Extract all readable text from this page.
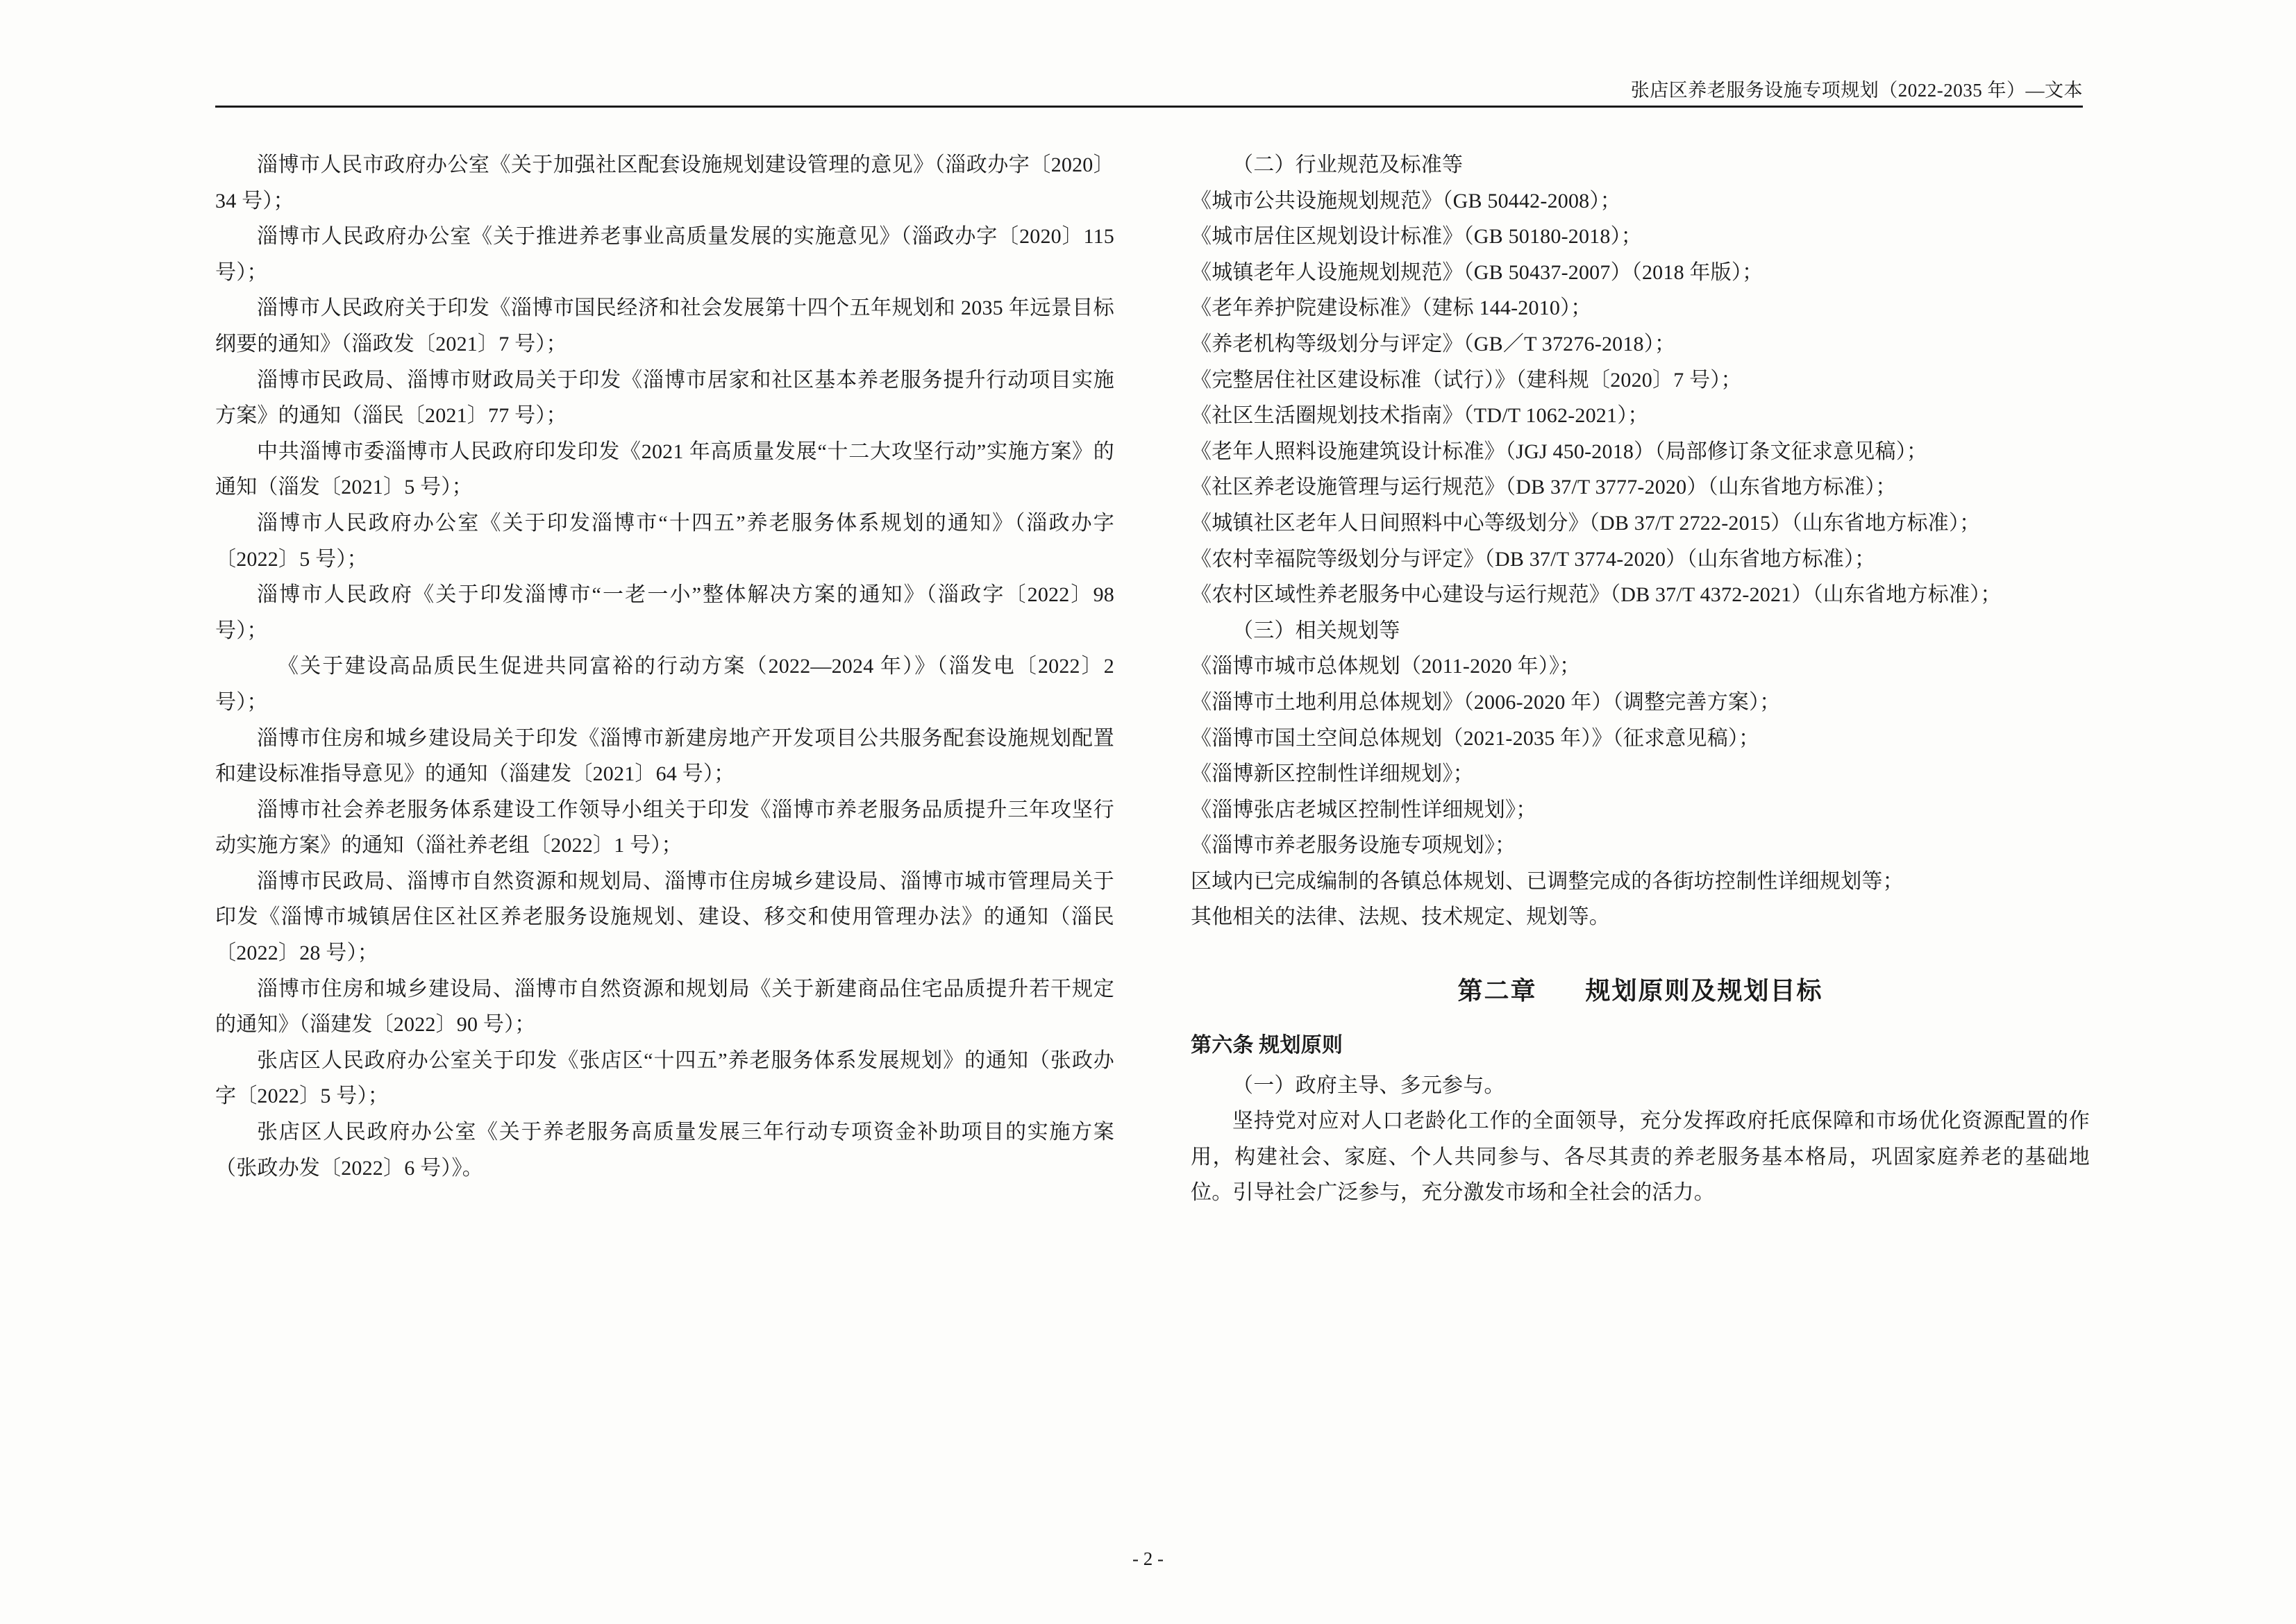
张店区养老服务设施专项规划（2022-2035 年）—文本

淄博市人民市政府办公室《关于加强社区配套设施规划建设管理的意见》（淄政办字〔2020〕34 号）；

淄博市人民政府办公室《关于推进养老事业高质量发展的实施意见》（淄政办字〔2020〕115 号）；

淄博市人民政府关于印发《淄博市国民经济和社会发展第十四个五年规划和 2035 年远景目标纲要的通知》（淄政发〔2021〕7 号）；

淄博市民政局、淄博市财政局关于印发《淄博市居家和社区基本养老服务提升行动项目实施方案》的通知（淄民〔2021〕77 号）；

中共淄博市委淄博市人民政府印发印发《2021 年高质量发展“十二大攻坚行动”实施方案》的通知（淄发〔2021〕5 号）；

淄博市人民政府办公室《关于印发淄博市“十四五”养老服务体系规划的通知》（淄政办字〔2022〕5 号）；

淄博市人民政府《关于印发淄博市“一老一小”整体解决方案的通知》（淄政字〔2022〕98 号）；

《关于建设高品质民生促进共同富裕的行动方案（2022—2024 年）》（淄发电〔2022〕2 号）；

淄博市住房和城乡建设局关于印发《淄博市新建房地产开发项目公共服务配套设施规划配置和建设标准指导意见》的通知（淄建发〔2021〕64 号）；

淄博市社会养老服务体系建设工作领导小组关于印发《淄博市养老服务品质提升三年攻坚行动实施方案》的通知（淄社养老组〔2022〕1 号）；

淄博市民政局、淄博市自然资源和规划局、淄博市住房城乡建设局、淄博市城市管理局关于印发《淄博市城镇居住区社区养老服务设施规划、建设、移交和使用管理办法》的通知（淄民〔2022〕28 号）；

淄博市住房和城乡建设局、淄博市自然资源和规划局《关于新建商品住宅品质提升若干规定的通知》（淄建发〔2022〕90 号）；

张店区人民政府办公室关于印发《张店区“十四五”养老服务体系发展规划》的通知（张政办字〔2022〕5 号）；

张店区人民政府办公室《关于养老服务高质量发展三年行动专项资金补助项目的实施方案（张政办发〔2022〕6 号）》。

（二）行业规范及标准等

《城市公共设施规划规范》（GB 50442-2008）；

《城市居住区规划设计标准》（GB 50180-2018）；

《城镇老年人设施规划规范》（GB 50437-2007）（2018 年版）；

《老年养护院建设标准》（建标 144-2010）；

《养老机构等级划分与评定》（GB／T 37276-2018）；

《完整居住社区建设标准（试行）》（建科规〔2020〕7 号）；

《社区生活圈规划技术指南》（TD/T 1062-2021）；

《老年人照料设施建筑设计标准》（JGJ 450-2018）（局部修订条文征求意见稿）；

《社区养老设施管理与运行规范》（DB 37/T 3777-2020）（山东省地方标准）；

《城镇社区老年人日间照料中心等级划分》（DB 37/T 2722-2015）（山东省地方标准）；

《农村幸福院等级划分与评定》（DB 37/T 3774-2020）（山东省地方标准）；

《农村区域性养老服务中心建设与运行规范》（DB 37/T 4372-2021）（山东省地方标准）；

（三）相关规划等

《淄博市城市总体规划（2011-2020 年）》；

《淄博市土地利用总体规划》（2006-2020 年）（调整完善方案）；

《淄博市国土空间总体规划（2021-2035 年）》（征求意见稿）；

《淄博新区控制性详细规划》；

《淄博张店老城区控制性详细规划》；

《淄博市养老服务设施专项规划》；

区域内已完成编制的各镇总体规划、已调整完成的各街坊控制性详细规划等；

其他相关的法律、法规、技术规定、规划等。

第二章 规划原则及规划目标

第六条 规划原则

（一）政府主导、多元参与。

坚持党对应对人口老龄化工作的全面领导，充分发挥政府托底保障和市场优化资源配置的作用，构建社会、家庭、个人共同参与、各尽其责的养老服务基本格局，巩固家庭养老的基础地位。引导社会广泛参与，充分激发市场和全社会的活力。

- 2 -
